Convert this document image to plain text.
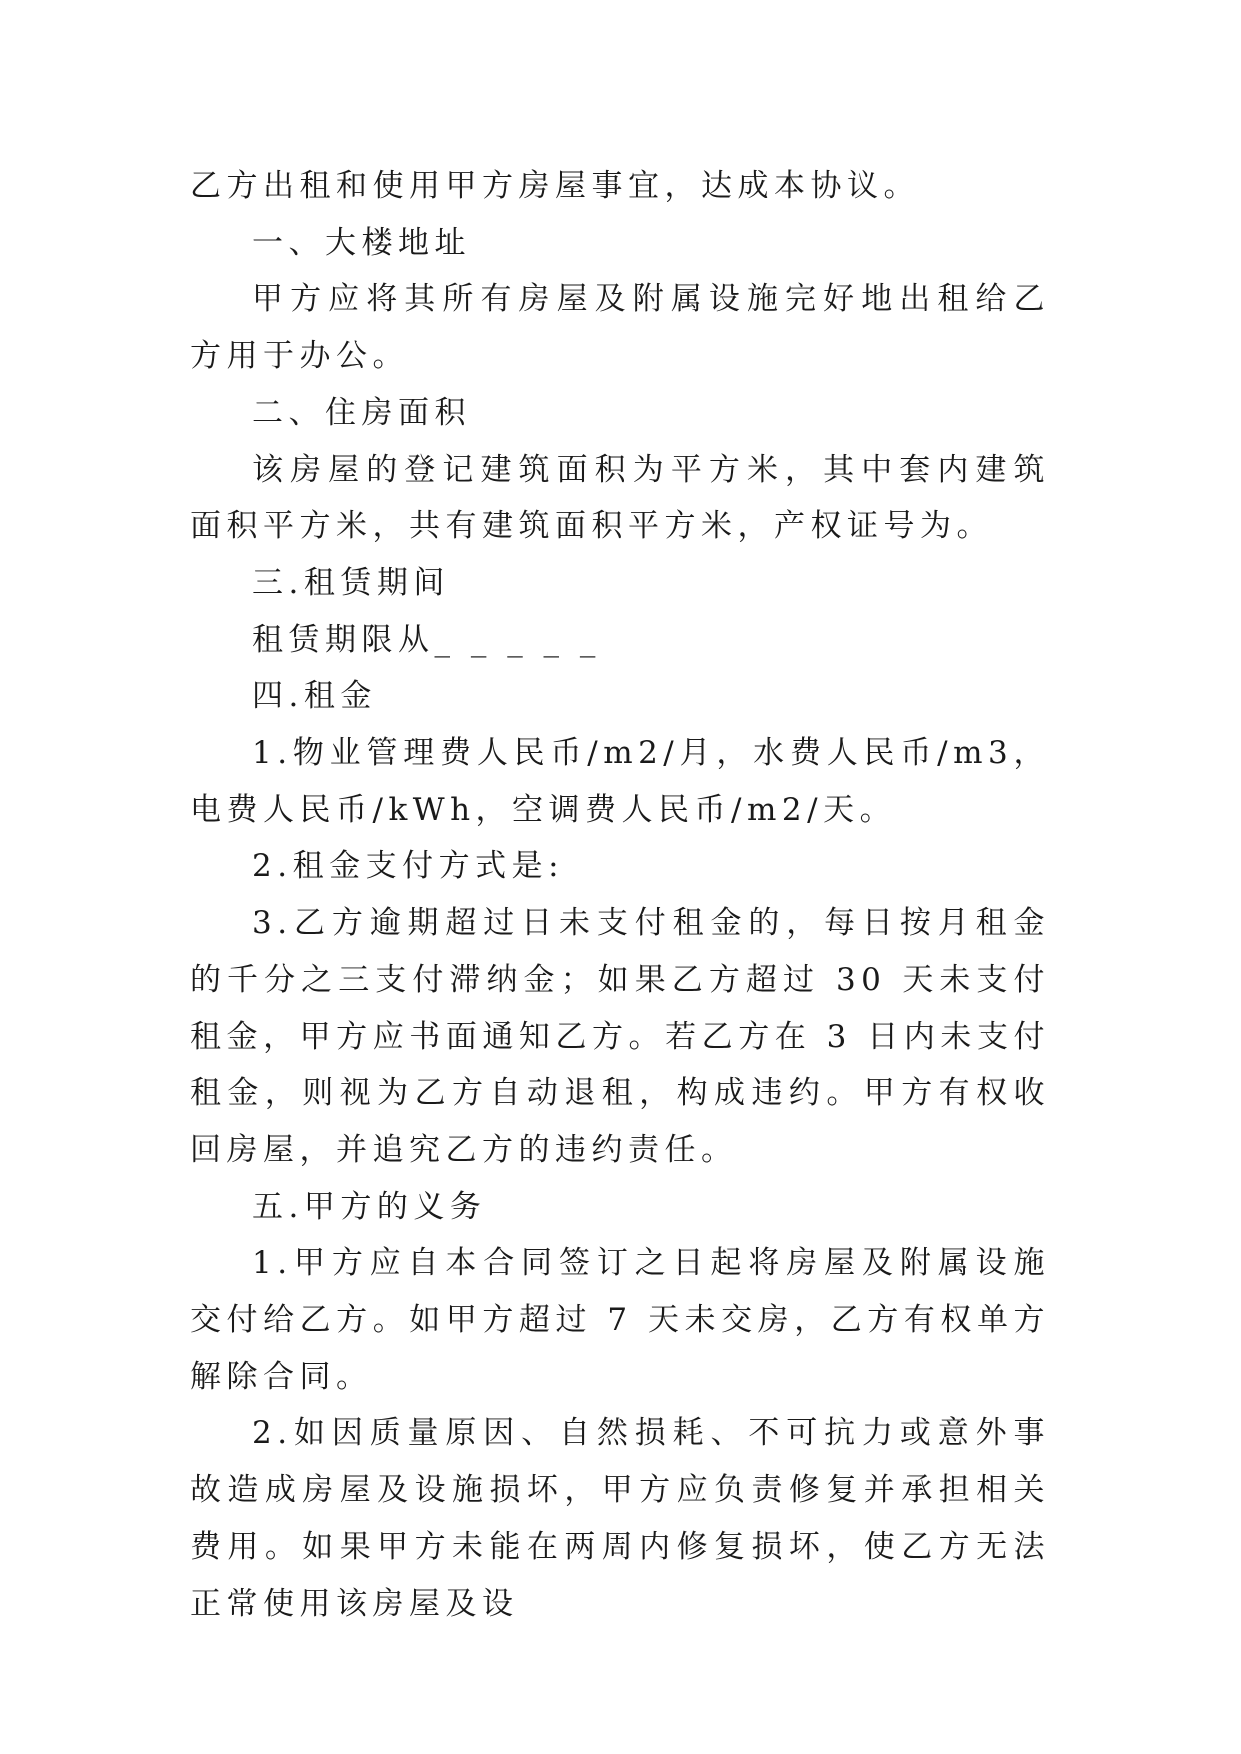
乙方出租和使用甲方房屋事宜，达成本协议。

一、大楼地址

甲方应将其所有房屋及附属设施完好地出租给乙方用于办公。

二、住房面积

该房屋的登记建筑面积为平方米，其中套内建筑面积平方米，共有建筑面积平方米，产权证号为。

三.租赁期间

租赁期限从_ _ _ _ _

四.租金

1.物业管理费人民币/m2/月，水费人民币/m3，电费人民币/kWh，空调费人民币/m2/天。

2.租金支付方式是:

3.乙方逾期超过日未支付租金的，每日按月租金的千分之三支付滞纳金；如果乙方超过 30 天未支付租金，甲方应书面通知乙方。若乙方在 3 日内未支付租金，则视为乙方自动退租，构成违约。甲方有权收回房屋，并追究乙方的违约责任。

五.甲方的义务

1.甲方应自本合同签订之日起将房屋及附属设施交付给乙方。如甲方超过 7 天未交房，乙方有权单方解除合同。

2.如因质量原因、自然损耗、不可抗力或意外事故造成房屋及设施损坏，甲方应负责修复并承担相关费用。如果甲方未能在两周内修复损坏，使乙方无法正常使用该房屋及设
